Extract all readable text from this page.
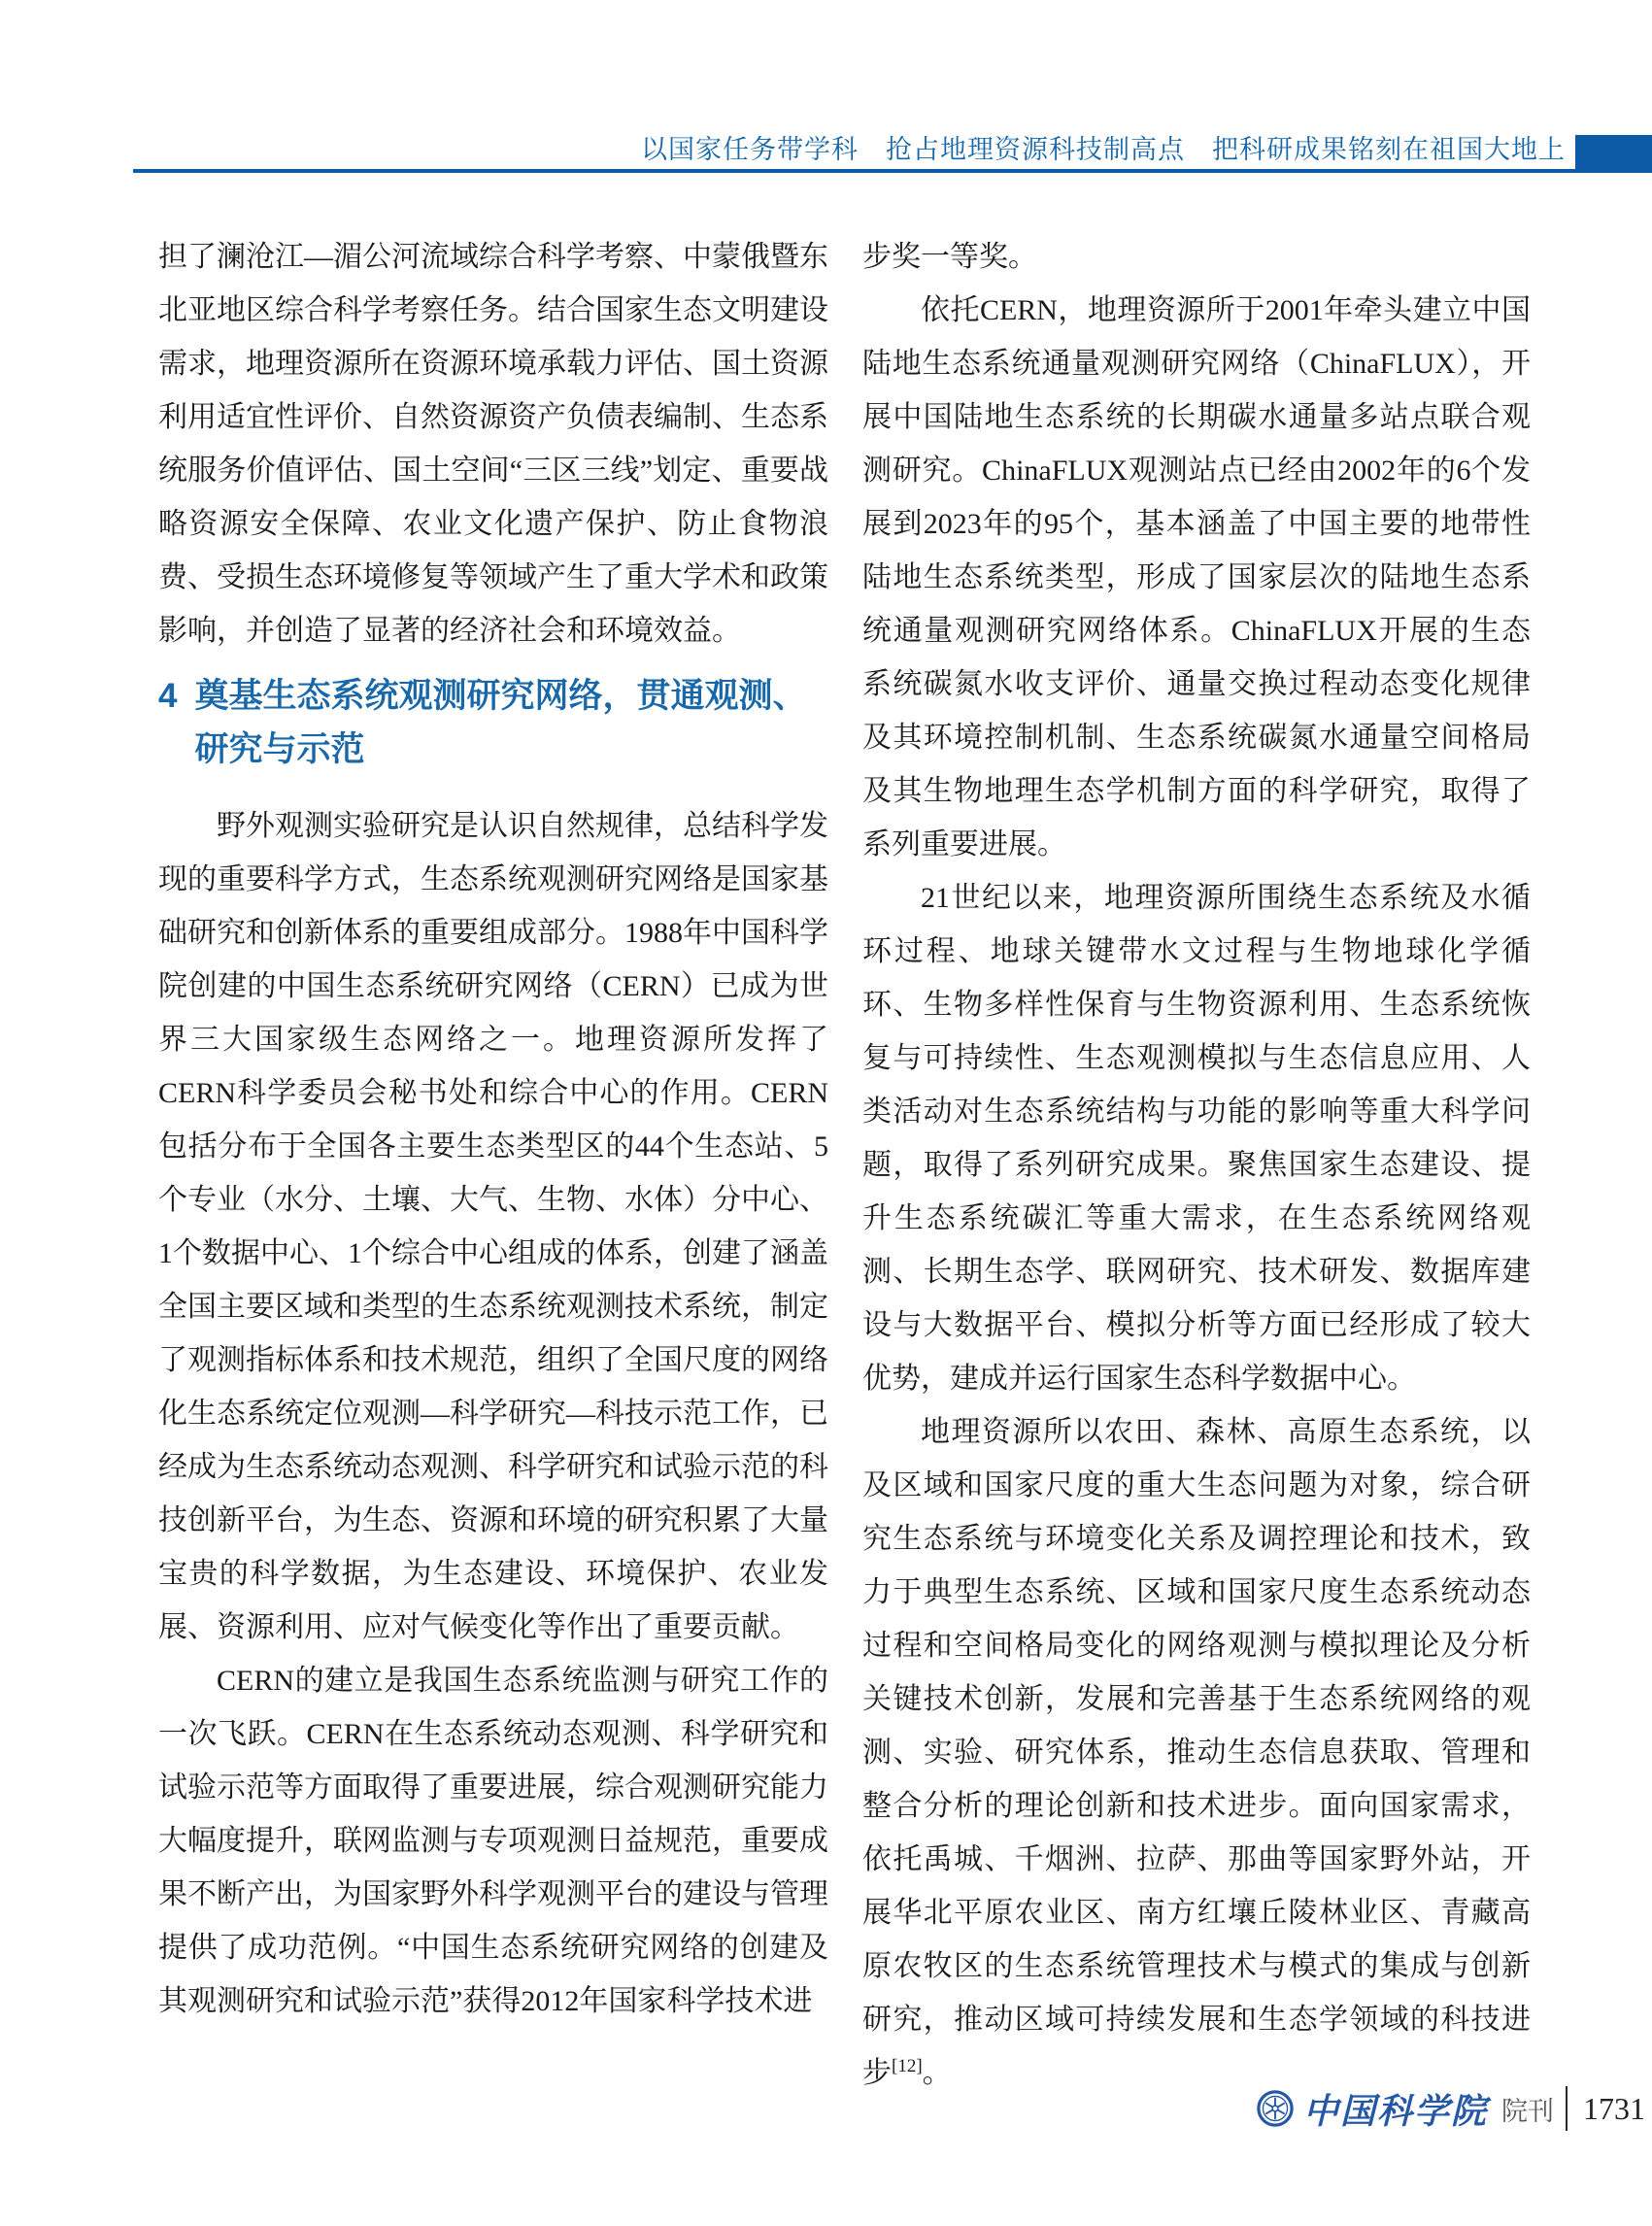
以国家任务带学科　抢占地理资源科技制高点　把科研成果铭刻在祖国大地上

担了澜沧江—湄公河流域综合科学考察、中蒙俄暨东北亚地区综合科学考察任务。结合国家生态文明建设需求，地理资源所在资源环境承载力评估、国土资源利用适宜性评价、自然资源资产负债表编制、生态系统服务价值评估、国土空间“三区三线”划定、重要战略资源安全保障、农业文化遗产保护、防止食物浪费、受损生态环境修复等领域产生了重大学术和政策影响，并创造了显著的经济社会和环境效益。

4 奠基生态系统观测研究网络，贯通观测、研究与示范

野外观测实验研究是认识自然规律，总结科学发现的重要科学方式，生态系统观测研究网络是国家基础研究和创新体系的重要组成部分。1988年中国科学院创建的中国生态系统研究网络（CERN）已成为世界三大国家级生态网络之一。地理资源所发挥了CERN科学委员会秘书处和综合中心的作用。CERN包括分布于全国各主要生态类型区的44个生态站、5个专业（水分、土壤、大气、生物、水体）分中心、1个数据中心、1个综合中心组成的体系，创建了涵盖全国主要区域和类型的生态系统观测技术系统，制定了观测指标体系和技术规范，组织了全国尺度的网络化生态系统定位观测—科学研究—科技示范工作，已经成为生态系统动态观测、科学研究和试验示范的科技创新平台，为生态、资源和环境的研究积累了大量宝贵的科学数据，为生态建设、环境保护、农业发展、资源利用、应对气候变化等作出了重要贡献。

CERN的建立是我国生态系统监测与研究工作的一次飞跃。CERN在生态系统动态观测、科学研究和试验示范等方面取得了重要进展，综合观测研究能力大幅度提升，联网监测与专项观测日益规范，重要成果不断产出，为国家野外科学观测平台的建设与管理提供了成功范例。“中国生态系统研究网络的创建及其观测研究和试验示范”获得2012年国家科学技术进

步奖一等奖。

依托CERN，地理资源所于2001年牵头建立中国陆地生态系统通量观测研究网络（ChinaFLUX），开展中国陆地生态系统的长期碳水通量多站点联合观测研究。ChinaFLUX观测站点已经由2002年的6个发展到2023年的95个，基本涵盖了中国主要的地带性陆地生态系统类型，形成了国家层次的陆地生态系统通量观测研究网络体系。ChinaFLUX开展的生态系统碳氮水收支评价、通量交换过程动态变化规律及其环境控制机制、生态系统碳氮水通量空间格局及其生物地理生态学机制方面的科学研究，取得了系列重要进展。

21世纪以来，地理资源所围绕生态系统及水循环过程、地球关键带水文过程与生物地球化学循环、生物多样性保育与生物资源利用、生态系统恢复与可持续性、生态观测模拟与生态信息应用、人类活动对生态系统结构与功能的影响等重大科学问题，取得了系列研究成果。聚焦国家生态建设、提升生态系统碳汇等重大需求，在生态系统网络观测、长期生态学、联网研究、技术研发、数据库建设与大数据平台、模拟分析等方面已经形成了较大优势，建成并运行国家生态科学数据中心。

地理资源所以农田、森林、高原生态系统，以及区域和国家尺度的重大生态问题为对象，综合研究生态系统与环境变化关系及调控理论和技术，致力于典型生态系统、区域和国家尺度生态系统动态过程和空间格局变化的网络观测与模拟理论及分析关键技术创新，发展和完善基于生态系统网络的观测、实验、研究体系，推动生态信息获取、管理和整合分析的理论创新和技术进步。面向国家需求，依托禹城、千烟洲、拉萨、那曲等国家野外站，开展华北平原农业区、南方红壤丘陵林业区、青藏高原农牧区的生态系统管理技术与模式的集成与创新研究，推动区域可持续发展和生态学领域的科技进步[12]。

中国科学院 院刊 1731
